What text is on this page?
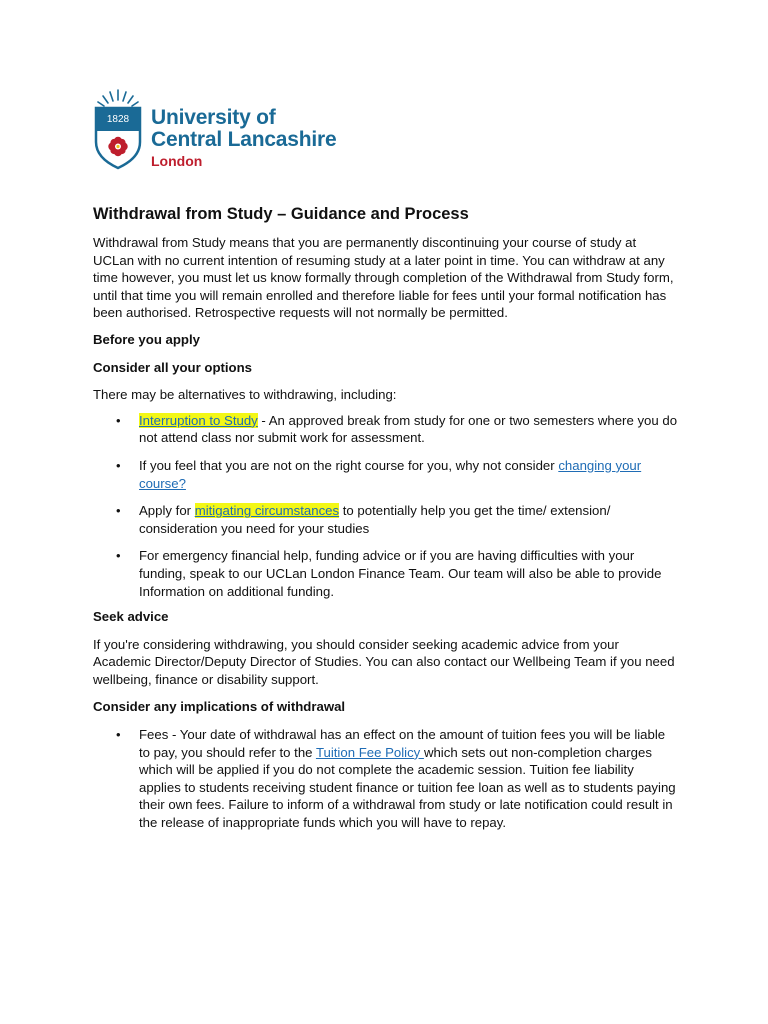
1828	University of
Central Lancashire
London
Withdrawal from Study – Guidance and Process

Withdrawal from Study means that you are permanently discontinuing your course of study at UCLan with no current intention of resuming study at a later point in time. You can withdraw at any time however, you must let us know formally through completion of the Withdrawal from Study form, until that time you will remain enrolled and therefore liable for fees until your formal notification has been authorised. Retrospective requests will not normally be permitted.

Before you apply

Consider all your options

There may be alternatives to withdrawing, including:

• Interruption to Study - An approved break from study for one or two semesters where you do not attend class nor submit work for assessment.
• If you feel that you are not on the right course for you, why not consider changing your course?
• Apply for mitigating circumstances to potentially help you get the time/ extension/ consideration you need for your studies
• For emergency financial help, funding advice or if you are having difficulties with your funding, speak to our UCLan London Finance Team. Our team will also be able to provide Information on additional funding.

Seek advice

If you're considering withdrawing, you should consider seeking academic advice from your Academic Director/Deputy Director of Studies. You can also contact our Wellbeing Team if you need wellbeing, finance or disability support.

Consider any implications of withdrawal

• Fees - Your date of withdrawal has an effect on the amount of tuition fees you will be liable to pay, you should refer to the Tuition Fee Policy which sets out non-completion charges which will be applied if you do not complete the academic session. Tuition fee liability applies to students receiving student finance or tuition fee loan as well as to students paying their own fees. Failure to inform of a withdrawal from study or late notification could result in the release of inappropriate funds which you will have to repay.
